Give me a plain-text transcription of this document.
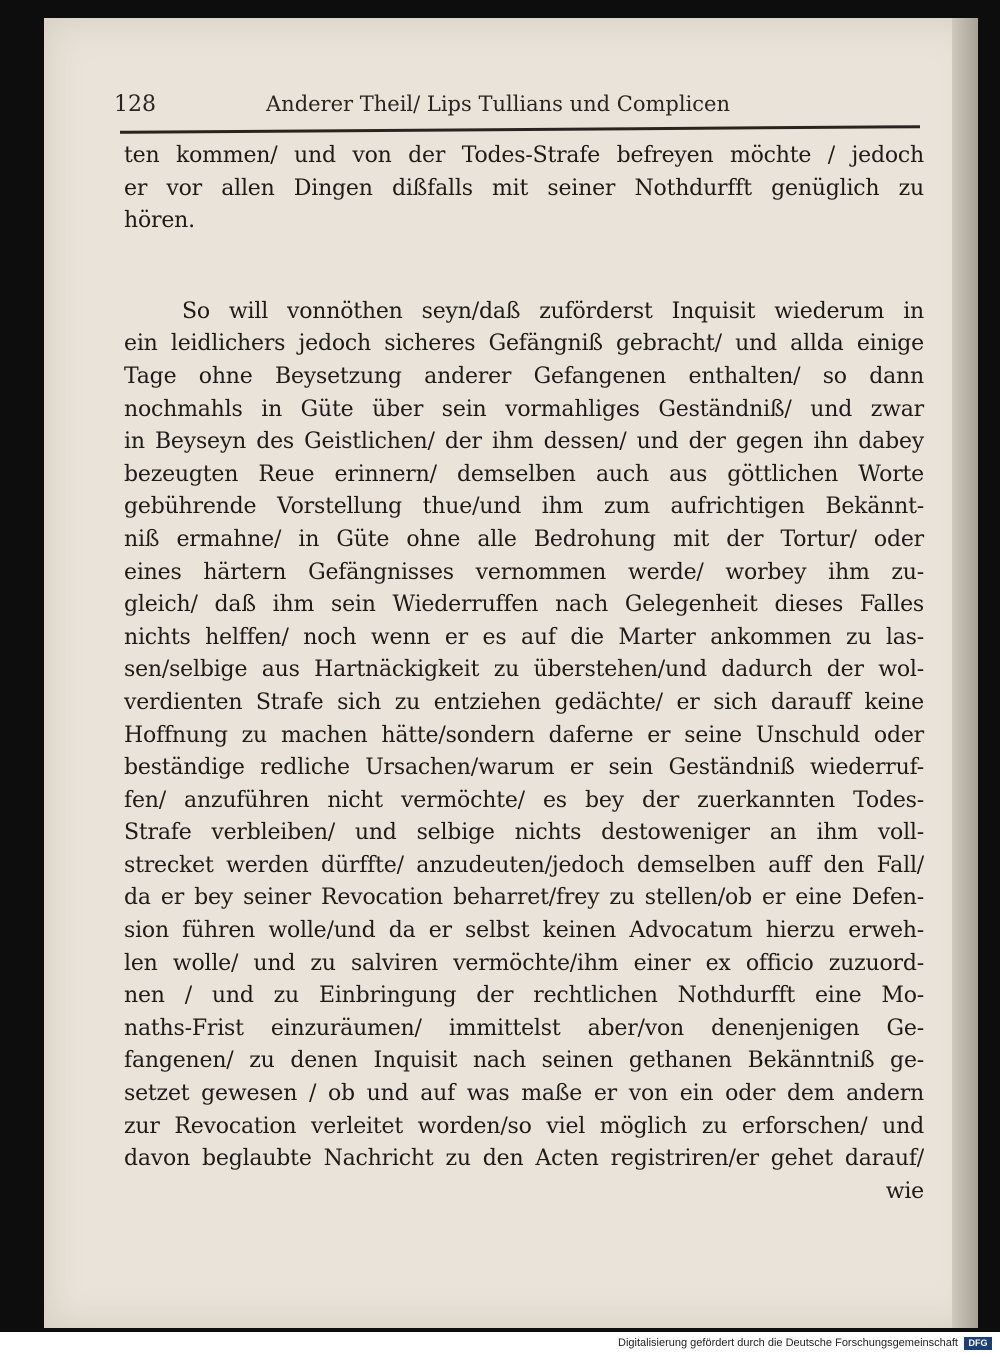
128	Anderer Theil/ Lips Tullians und Complicen
ten kommen/ und von der Todes-Strafe befreyen möchte / jedoch
er vor allen Dingen dißfalls mit seiner Nothdurfft genüglich zu
hören.
So will vonnöthen seyn/daß zuförderst Inquisit wiederum in
ein leidlichers jedoch sicheres Gefängniß gebracht/ und allda einige
Tage ohne Beysetzung anderer Gefangenen enthalten/ so dann
nochmahls in Güte über sein vormahliges Geständniß/ und zwar
in Beyseyn des Geistlichen/ der ihm dessen/ und der gegen ihn dabey
bezeugten Reue erinnern/ demselben auch aus göttlichen Worte
gebührende Vorstellung thue/und ihm zum aufrichtigen Bekännt-
niß ermahne/ in Güte ohne alle Bedrohung mit der Tortur/ oder
eines härtern Gefängnisses vernommen werde/ worbey ihm zu-
gleich/ daß ihm sein Wiederruffen nach Gelegenheit dieses Falles
nichts helffen/ noch wenn er es auf die Marter ankommen zu las-
sen/selbige aus Hartnäckigkeit zu überstehen/und dadurch der wol-
verdienten Strafe sich zu entziehen gedächte/ er sich darauff keine
Hoffnung zu machen hätte/sondern daferne er seine Unschuld oder
beständige redliche Ursachen/warum er sein Geständniß wiederruf-
fen/ anzuführen nicht vermöchte/ es bey der zuerkannten Todes-
Strafe verbleiben/ und selbige nichts destoweniger an ihm voll-
strecket werden dürffte/ anzudeuten/jedoch demselben auff den Fall/
da er bey seiner Revocation beharret/frey zu stellen/ob er eine Defen-
sion führen wolle/und da er selbst keinen Advocatum hierzu erweh-
len wolle/ und zu salviren vermöchte/ihm einer ex officio zuzuord-
nen / und zu Einbringung der rechtlichen Nothdurfft eine Mo-
naths-Frist einzuräumen/ immittelst aber/von denenjenigen Ge-
fangenen/ zu denen Inquisit nach seinen gethanen Bekänntniß ge-
setzet gewesen / ob und auf was maße er von ein oder dem andern
zur Revocation verleitet worden/so viel möglich zu erforschen/ und
davon beglaubte Nachricht zu den Acten registriren/er gehet darauf/
wie
Digitalisierung gefördert durch die Deutsche Forschungsgemeinschaft	DFG
